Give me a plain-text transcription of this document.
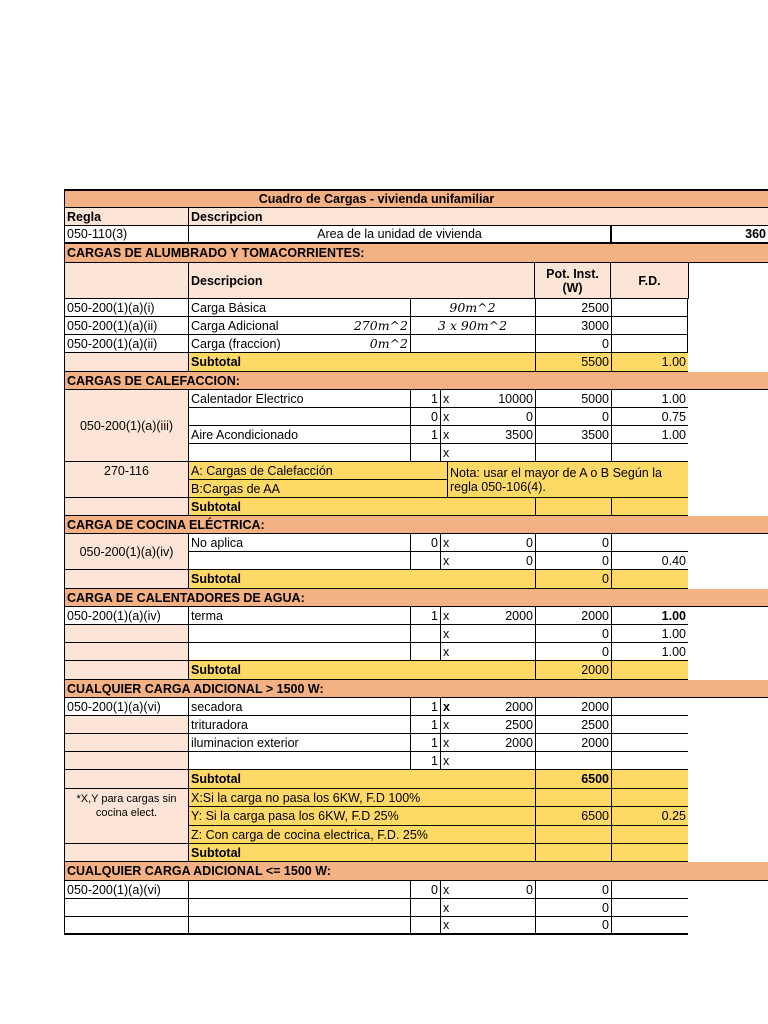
Cuadro de Cargas - vivienda unifamiliar
Regla	Descripcion
050-110(3)	Area de la unidad de vivienda	360
CARGAS DE ALUMBRADO Y TOMACORRIENTES:
Descripcion	Pot. Inst. (W)	F.D.
050-200(1)(a)(i)	Carga Básica	90m^2	2500
050-200(1)(a)(ii)	Carga Adicional	270m^2	3 x 90m^2	3000
050-200(1)(a)(ii)	Carga (fraccion)	0m^2	0
Subtotal	5500	1.00
CARGAS DE CALEFACCION:
050-200(1)(a)(iii)
Calentador Electrico	1 x	10000	5000	1.00
0 x	0	0	0.75
Aire Acondicionado	1 x	3500	3500	1.00
x
270-116	A: Cargas de Calefacción
B:Cargas de AA
Nota: usar el mayor de A o B Según la regla 050-106(4).
Subtotal
CARGA DE COCINA ELÉCTRICA:
050-200(1)(a)(iv)
No aplica	0 x	0	0
x	0	0	0.40
Subtotal	0
CARGA DE CALENTADORES DE AGUA:
050-200(1)(a)(iv)	terma	1 x	2000	2000	1.00
x	0	1.00
x	0	1.00
Subtotal	2000
CUALQUIER CARGA ADICIONAL > 1500 W:
050-200(1)(a)(vi)	secadora	1 x	2000	2000
trituradora	1 x	2500	2500
iluminacion exterior	1 x	2000	2000
1 x
Subtotal	6500
*X,Y para cargas sin cocina elect.
X:Si la carga no pasa los 6KW, F.D 100%
Y: Si la carga pasa los 6KW, F.D 25%	6500	0.25
Z: Con carga de cocina electrica, F.D. 25%
Subtotal
CUALQUIER CARGA ADICIONAL <= 1500 W:
050-200(1)(a)(vi)	0 x	0	0
x	0
x	0
